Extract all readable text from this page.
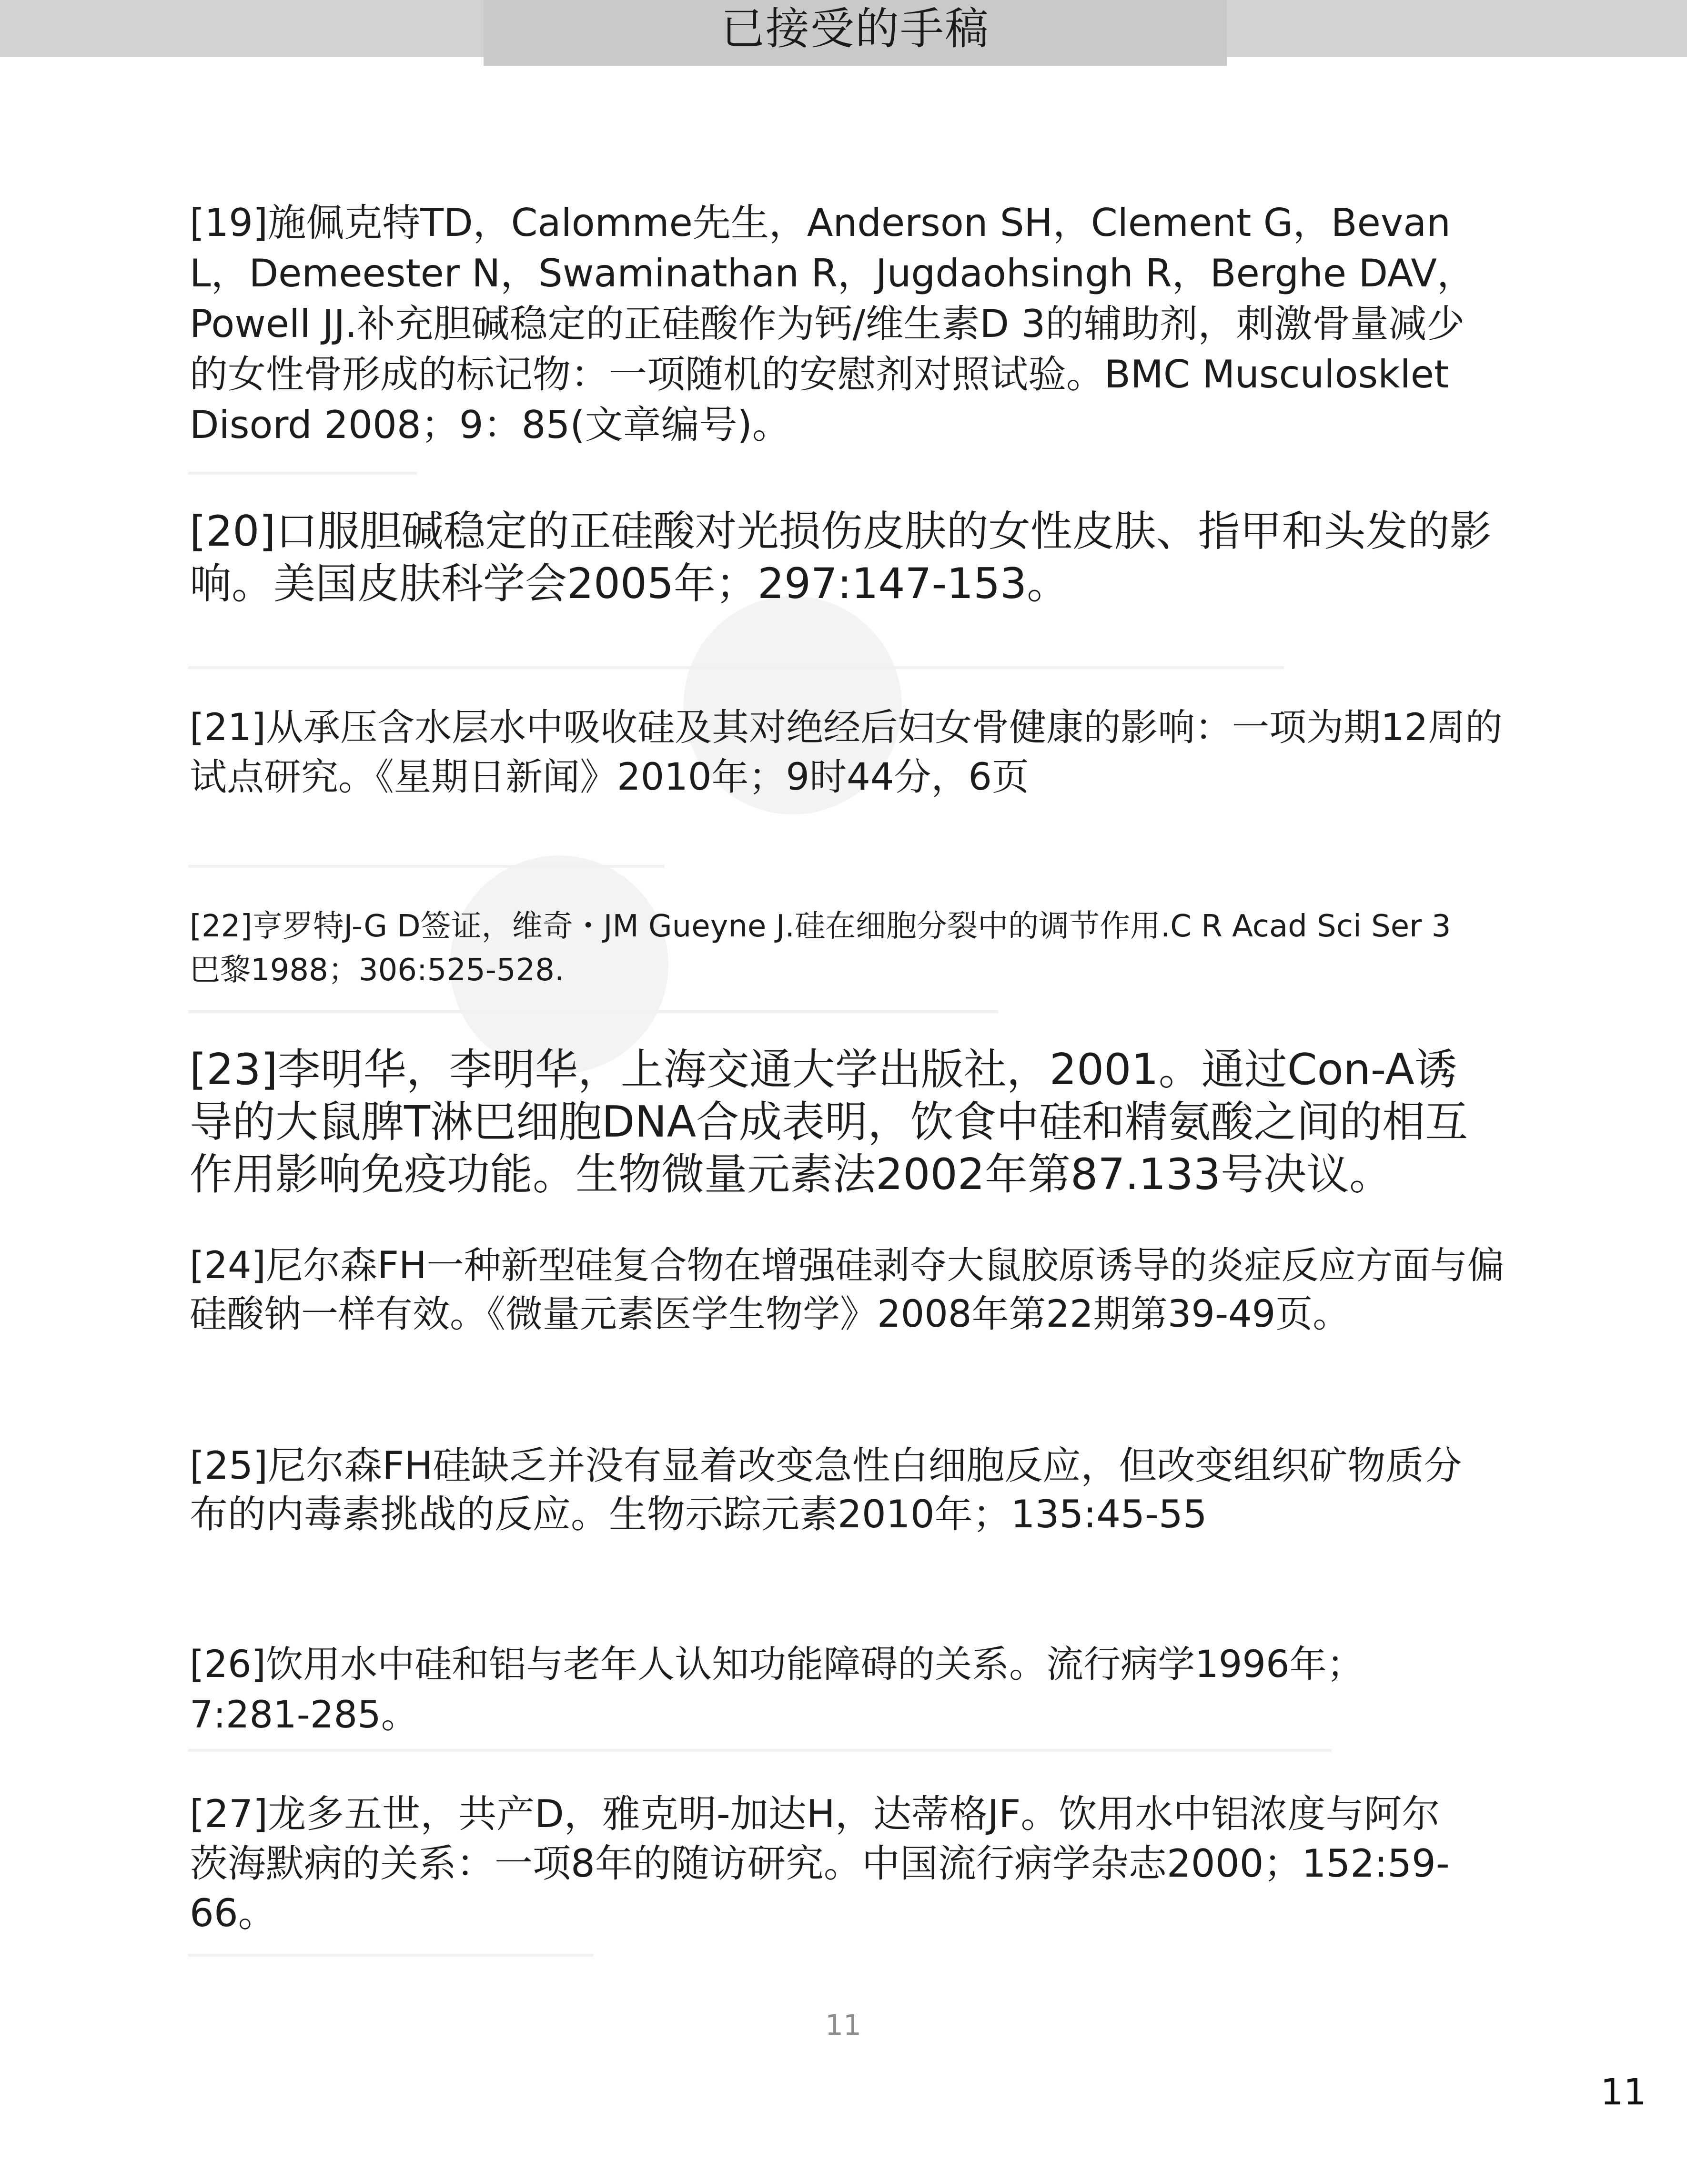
已接受的手稿

[19]施佩克特TD，Calomme先生，Anderson SH，Clement G，Bevan L，Demeester N，Swaminathan R，Jugdaohsingh R，Berghe DAV，Powell JJ.补充胆碱稳定的正硅酸作为钙/维生素D 3的辅助剂，刺激骨量减少的女性骨形成的标记物：一项随机的安慰剂对照试验。BMC Musculosklet Disord 2008；9：85(文章编号)。

[20]口服胆碱稳定的正硅酸对光损伤皮肤的女性皮肤、指甲和头发的影响。美国皮肤科学会2005年；297:147-153。

[21]从承压含水层水中吸收硅及其对绝经后妇女骨健康的影响：一项为期12周的试点研究。《星期日新闻》2010年；9时44分，6页

[22]亨罗特J-G D签证，维奇・JM Gueyne J.硅在细胞分裂中的调节作用.C R Acad Sci Ser 3巴黎1988；306:525-528.

[23]李明华，李明华，上海交通大学出版社，2001。通过Con-A诱导的大鼠脾T淋巴细胞DNA合成表明，饮食中硅和精氨酸之间的相互作用影响免疫功能。生物微量元素法2002年第87.133号决议。

[24]尼尔森FH一种新型硅复合物在增强硅剥夺大鼠胶原诱导的炎症反应方面与偏硅酸钠一样有效。《微量元素医学生物学》2008年第22期第39-49页。

[25]尼尔森FH硅缺乏并没有显着改变急性白细胞反应，但改变组织矿物质分布的内毒素挑战的反应。生物示踪元素2010年；135:45-55

[26]饮用水中硅和铝与老年人认知功能障碍的关系。流行病学1996年；7:281-285。

[27]龙多五世，共产D，雅克明-加达H，达蒂格JF。饮用水中铝浓度与阿尔茨海默病的关系：一项8年的随访研究。中国流行病学杂志2000；152:59-66。

11
11
